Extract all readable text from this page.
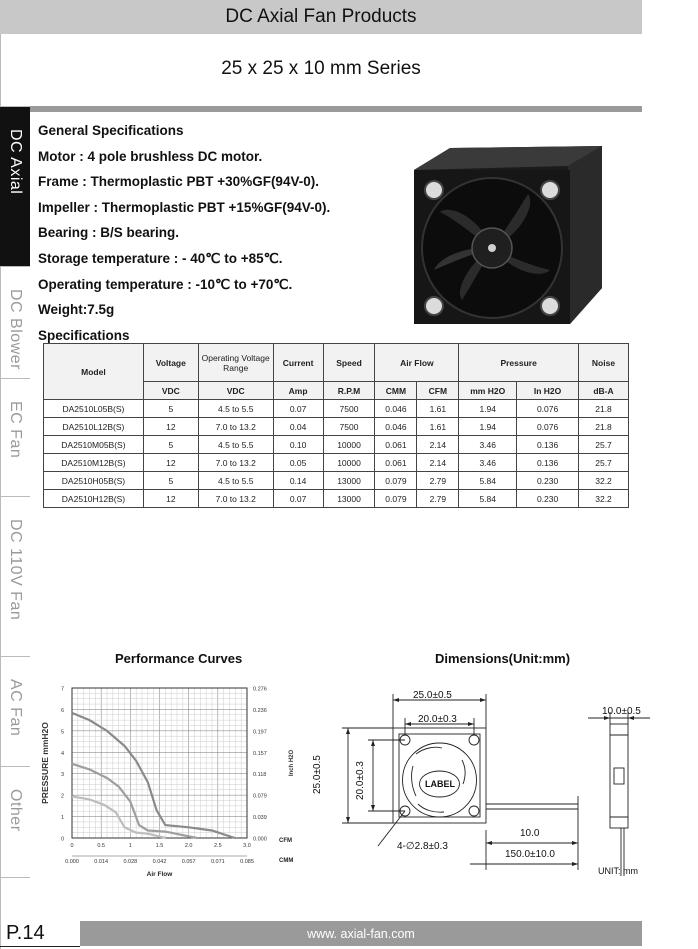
DC Axial Fan Products
25 x 25 x 10 mm Series
DC Axial
DC Blower
EC Fan
DC 110V Fan
AC Fan
Other
General Specifications
Motor : 4 pole brushless DC motor.
Frame : Thermoplastic PBT +30%GF(94V-0).
Impeller : Thermoplastic PBT +15%GF(94V-0).
Bearing : B/S bearing.
Storage temperature : - 40℃ to +85℃.
Operating temperature : -10℃ to +70℃.
Weight:7.5g
Specifications
Model	Voltage	Operating Voltage Range	Current	Speed	Air Flow		Pressure		Noise
	VDC	VDC	Amp	R.P.M	CMM	CFM	mm H2O	In H2O	dB-A
DA2510L05B(S)	5	4.5 to 5.5	0.07	7500	0.046	1.61	1.94	0.076	21.8
DA2510L12B(S)	12	7.0 to 13.2	0.04	7500	0.046	1.61	1.94	0.076	21.8
DA2510M05B(S)	5	4.5 to 5.5	0.10	10000	0.061	2.14	3.46	0.136	25.7
DA2510M12B(S)	12	7.0 to 13.2	0.05	10000	0.061	2.14	3.46	0.136	25.7
DA2510H05B(S)	5	4.5 to 5.5	0.14	13000	0.079	2.79	5.84	0.230	32.2
DA2510H12B(S)	12	7.0 to 13.2	0.07	13000	0.079	2.79	5.84	0.230	32.2
Performance Curves
0
1
2
3
4
5
6
7
0.000
0.039
0.079
0.118
0.157
0.197
0.236
0.276
0	0.5	1	1.5	2.0	2.5	3.0
0.000	0.014	0.028	0.042	0.057	0.071	0.085
CFM
CMM
Air Flow
PRESSURE mmH2O	Inch H2O
Dimensions(Unit:mm)
25.0±0.5
20.0±0.3
25.0±0.5	20.0±0.3	LABEL
4-∅2.8±0.3
10.0
150.0±10.0
10.0±0.5
UNIT: mm
P.14	www. axial-fan.com
